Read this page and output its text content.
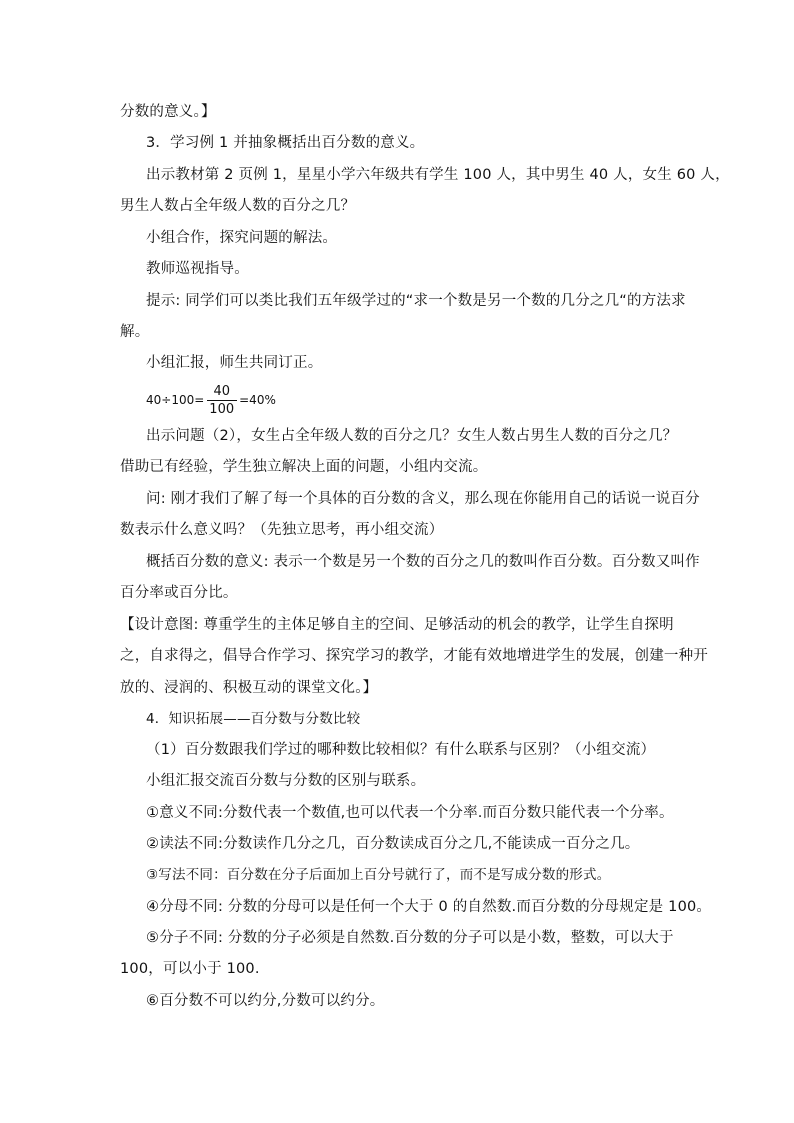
分数的意义。】
3．学习例 1 并抽象概括出百分数的意义。
出示教材第 2 页例 1，星星小学六年级共有学生 100 人，其中男生 40 人，女生 60 人，
男生人数占全年级人数的百分之几？
小组合作，探究问题的解法。
教师巡视指导。
提示: 同学们可以类比我们五年级学过的“求一个数是另一个数的几分之几“的方法求
解。
小组汇报，师生共同订正。
$40\div 100= \frac{40}{100} =40\%$
出示问题（2），女生占全年级人数的百分之几？女生人数占男生人数的百分之几？
借助已有经验，学生独立解决上面的问题，小组内交流。
问: 刚才我们了解了每一个具体的百分数的含义，那么现在你能用自己的话说一说百分
数表示什么意义吗？（先独立思考，再小组交流）
概括百分数的意义: 表示一个数是另一个数的百分之几的数叫作百分数。百分数又叫作
百分率或百分比。
【设计意图: 尊重学生的主体足够自主的空间、足够活动的机会的教学，让学生自探明
之，自求得之，倡导合作学习、探究学习的教学，才能有效地增进学生的发展，创建一种开
放的、浸润的、积极互动的课堂文化。】
4．知识拓展——百分数与分数比较
（1）百分数跟我们学过的哪种数比较相似？有什么联系与区别？（小组交流）
小组汇报交流百分数与分数的区别与联系。
①意义不同:分数代表一个数值,也可以代表一个分率.而百分数只能代表一个分率。
②读法不同:分数读作几分之几，百分数读成百分之几,不能读成一百分之几。
③写法不同：百分数在分子后面加上百分号就行了，而不是写成分数的形式。
④分母不同: 分数的分母可以是任何一个大于 0 的自然数.而百分数的分母规定是 100。
⑤分子不同: 分数的分子必须是自然数.百分数的分子可以是小数，整数，可以大于
100，可以小于 100.
⑥百分数不可以约分,分数可以约分。
